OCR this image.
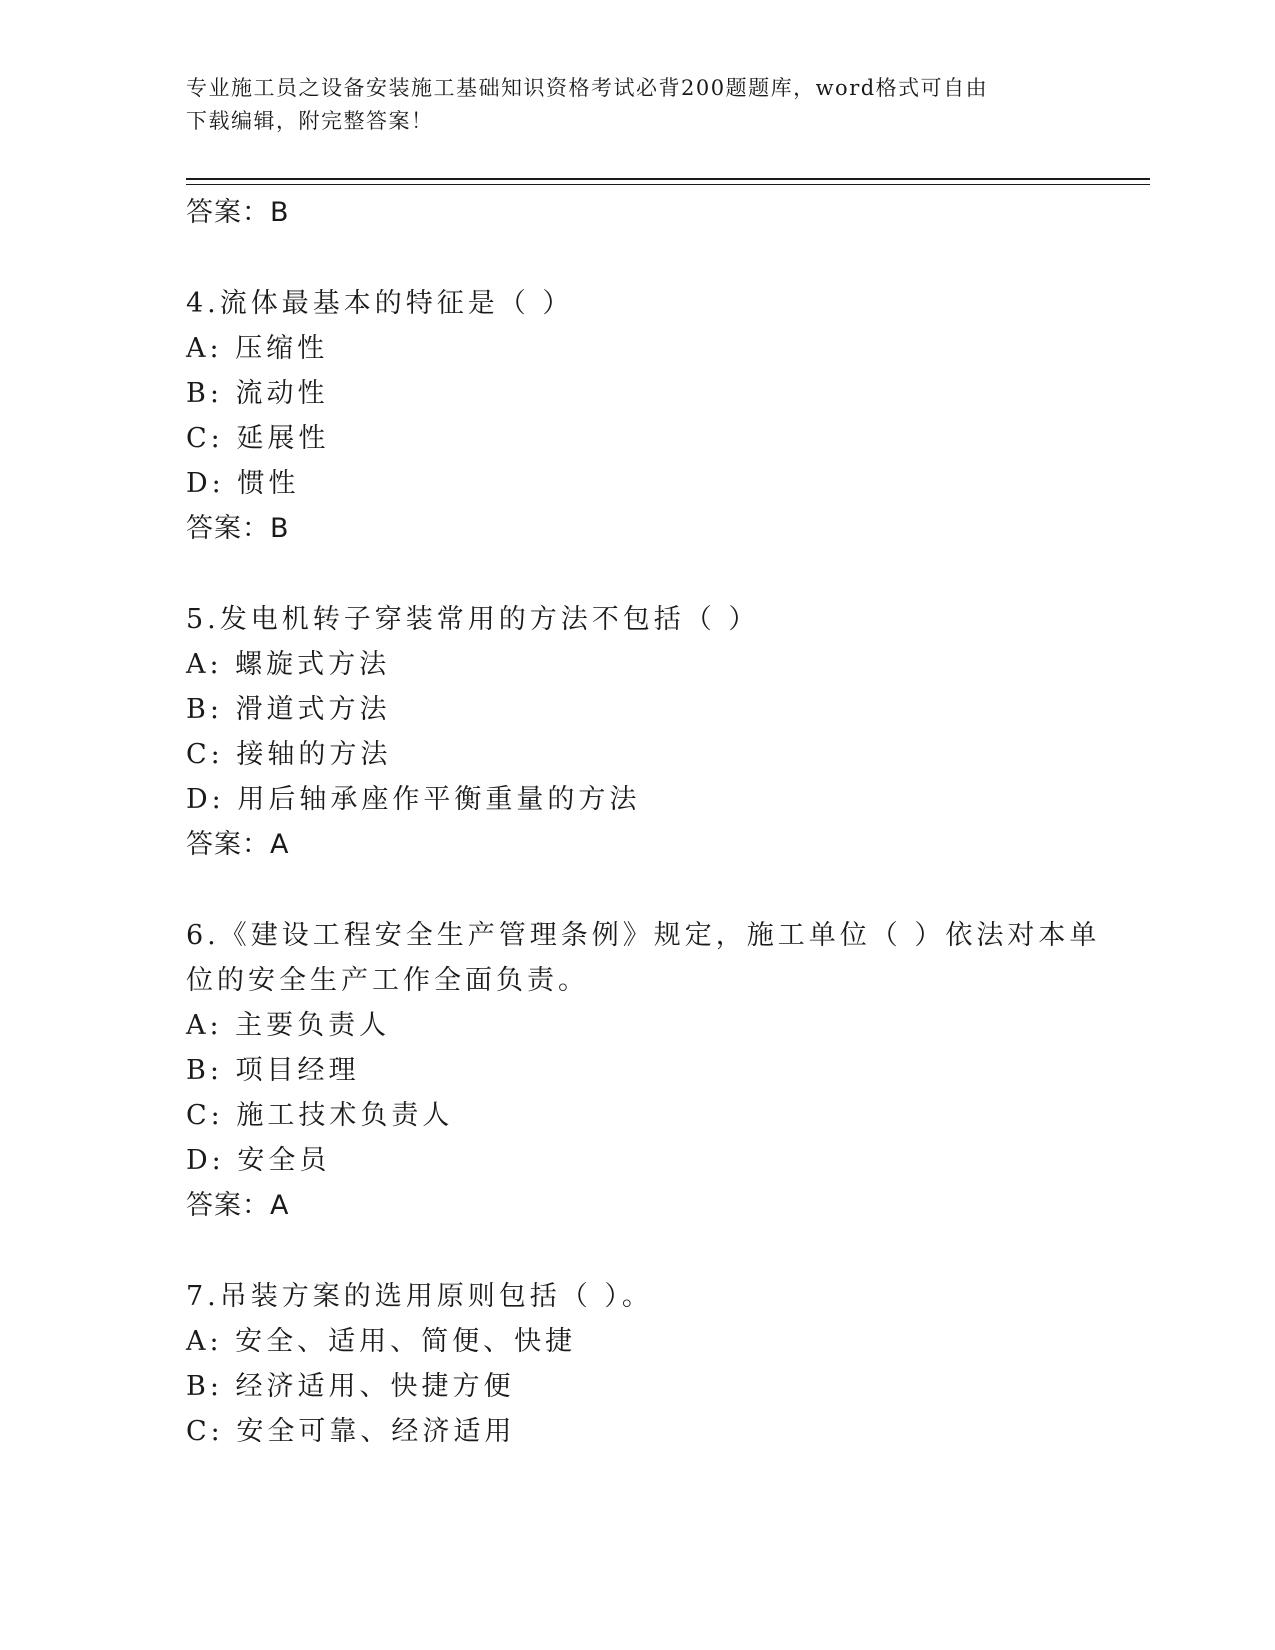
专业施工员之设备安装施工基础知识资格考试必背200题题库，word格式可自由
下载编辑，附完整答案！
答案：B
4.流体最基本的特征是（ ）
A: 压缩性
B: 流动性
C: 延展性
D: 惯性
答案：B
5.发电机转子穿装常用的方法不包括（ ）
A: 螺旋式方法
B: 滑道式方法
C: 接轴的方法
D: 用后轴承座作平衡重量的方法
答案：A
6.《建设工程安全生产管理条例》规定，施工单位（ ）依法对本单位的安全生产工作全面负责。
A: 主要负责人
B: 项目经理
C: 施工技术负责人
D: 安全员
答案：A
7.吊装方案的选用原则包括（ ）。
A: 安全、适用、简便、快捷
B: 经济适用、快捷方便
C: 安全可靠、经济适用
